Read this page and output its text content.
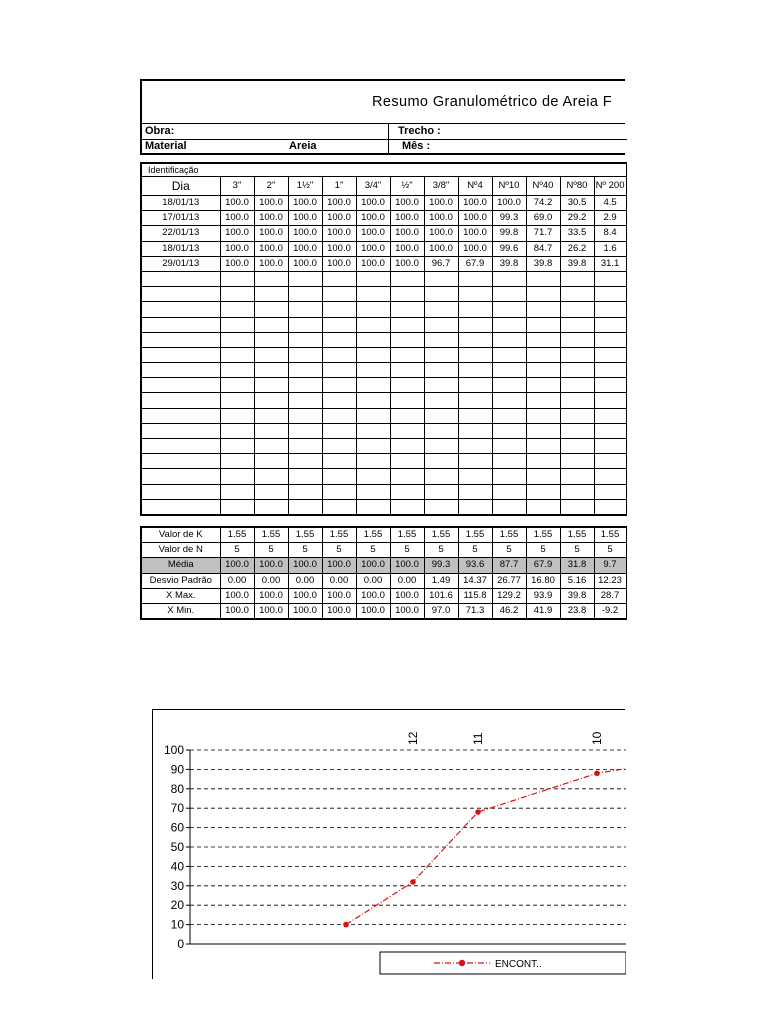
Resumo Granulométrico de Areia F
Obra:	Trecho :
Material	Areia	Mês :
Identificação												
Dia	3"	2"	1½"	1"	3/4"	½"	3/8"	Nº4	Nº10	Nº40	Nº80	Nº 200
18/01/13	100.0	100.0	100.0	100.0	100.0	100.0	100.0	100.0	100.0	74.2	30.5	4.5
17/01/13	100.0	100.0	100.0	100.0	100.0	100.0	100.0	100.0	99.3	69.0	29.2	2.9
22/01/13	100.0	100.0	100.0	100.0	100.0	100.0	100.0	100.0	99.8	71.7	33.5	8.4
18/01/13	100.0	100.0	100.0	100.0	100.0	100.0	100.0	100.0	99.6	84.7	26.2	1.6
29/01/13	100.0	100.0	100.0	100.0	100.0	100.0	96.7	67.9	39.8	39.8	39.8	31.1

Valor de K	1.55	1.55	1.55	1.55	1.55	1.55	1.55	1.55	1.55	1.55	1.55	1.55
Valor de N	5	5	5	5	5	5	5	5	5	5	5	5
Média	100.0	100.0	100.0	100.0	100.0	100.0	99.3	93.6	87.7	67.9	31.8	9.7
Desvio Padrão	0.00	0.00	0.00	0.00	0.00	0.00	1.49	14.37	26.77	16.80	5.16	12.23
X Max.	100.0	100.0	100.0	100.0	100.0	100.0	101.6	115.8	129.2	93.9	39.8	28.7
X Min.	100.0	100.0	100.0	100.0	100.0	100.0	97.0	71.3	46.2	41.9	23.8	-9.2
0
10
20
30
40
50
60
70
80
90
100
12	11	10
ENCONT..
